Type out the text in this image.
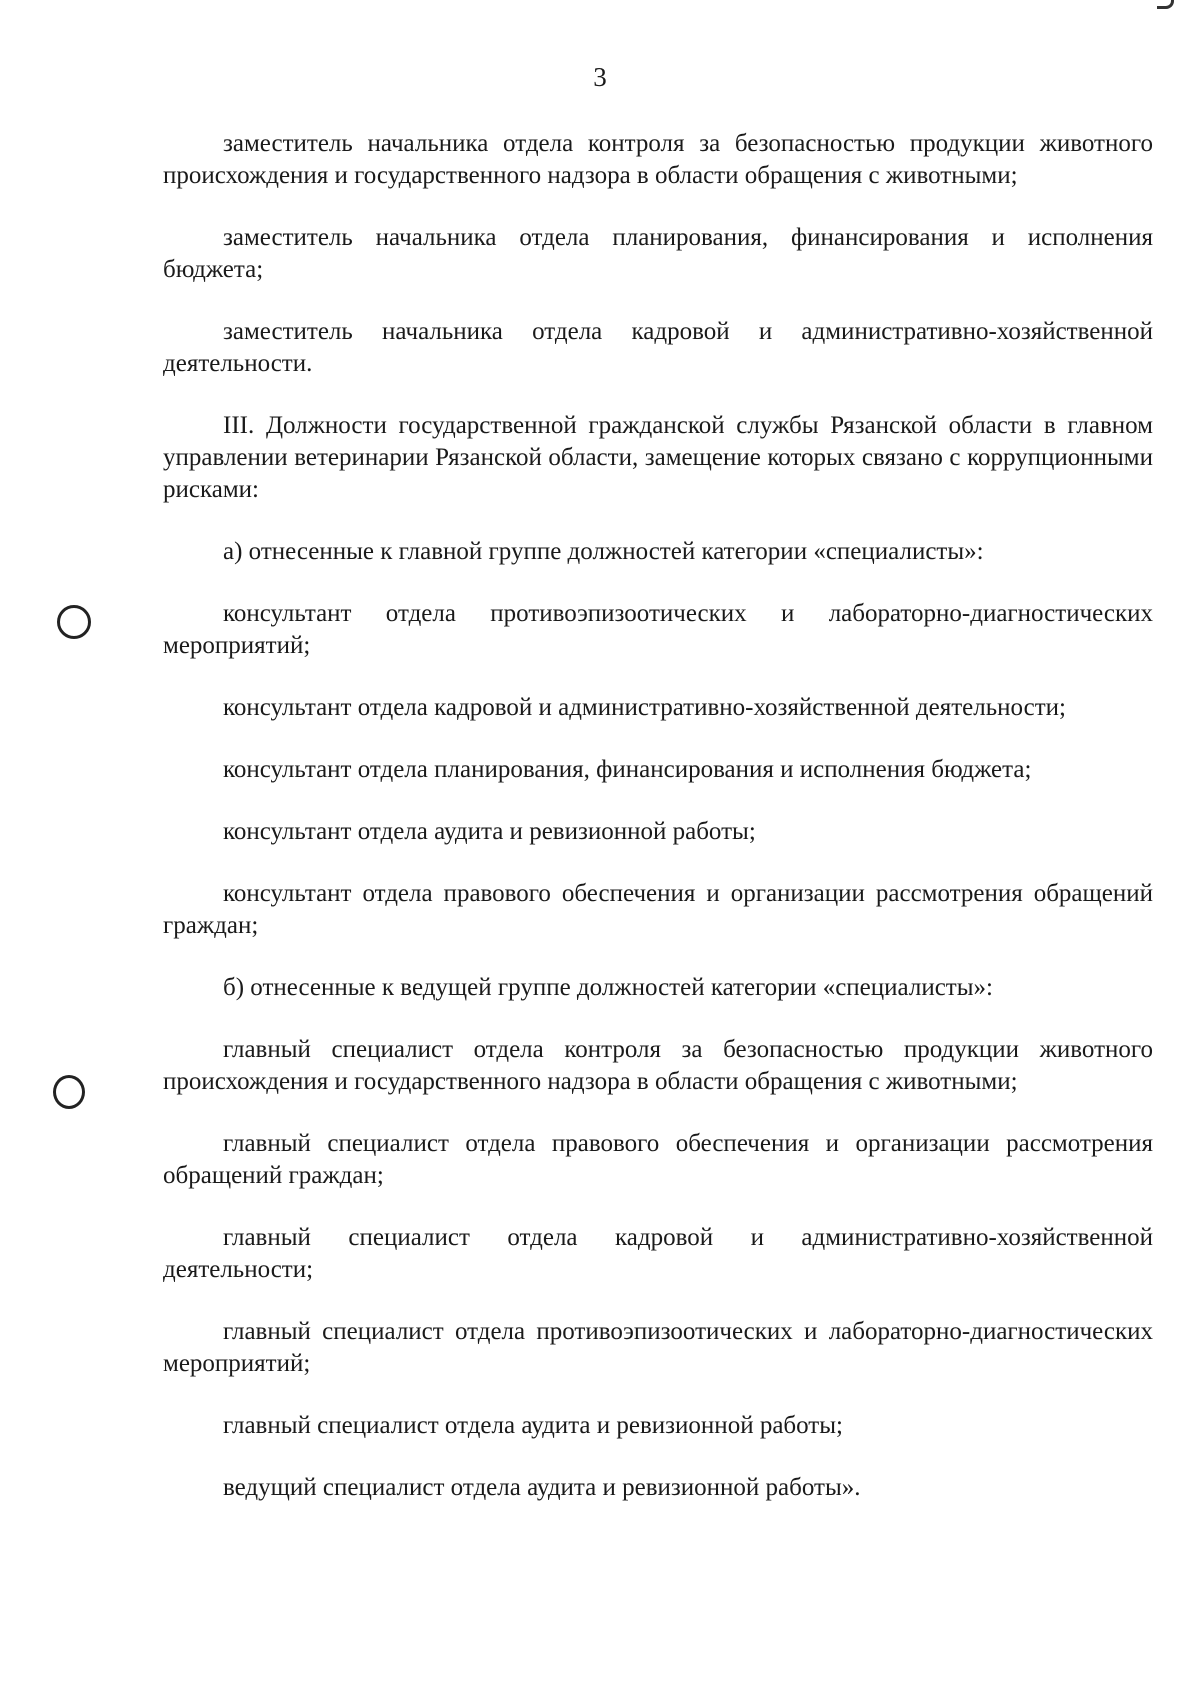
3

заместитель начальника отдела контроля за безопасностью продукции животного происхождения и государственного надзора в области обращения с животными;

заместитель начальника отдела планирования, финансирования и исполнения бюджета;

заместитель начальника отдела кадровой и административно-хозяйственной деятельности.

III. Должности государственной гражданской службы Рязанской области в главном управлении ветеринарии Рязанской области, замещение которых связано с коррупционными рисками:

а) отнесенные к главной группе должностей категории «специалисты»:

консультант отдела противоэпизоотических и лабораторно-диагностических мероприятий;

консультант отдела кадровой и административно-хозяйственной деятельности;

консультант отдела планирования, финансирования и исполнения бюджета;

консультант отдела аудита и ревизионной работы;

консультант отдела правового обеспечения и организации рассмотрения обращений граждан;

б) отнесенные к ведущей группе должностей категории «специалисты»:

главный специалист отдела контроля за безопасностью продукции животного происхождения и государственного надзора в области обращения с животными;

главный специалист отдела правового обеспечения и организации рассмотрения обращений граждан;

главный специалист отдела кадровой и административно-хозяйственной деятельности;

главный специалист отдела противоэпизоотических и лабораторно-диагностических мероприятий;

главный специалист отдела аудита и ревизионной работы;

ведущий специалист отдела аудита и ревизионной работы».
